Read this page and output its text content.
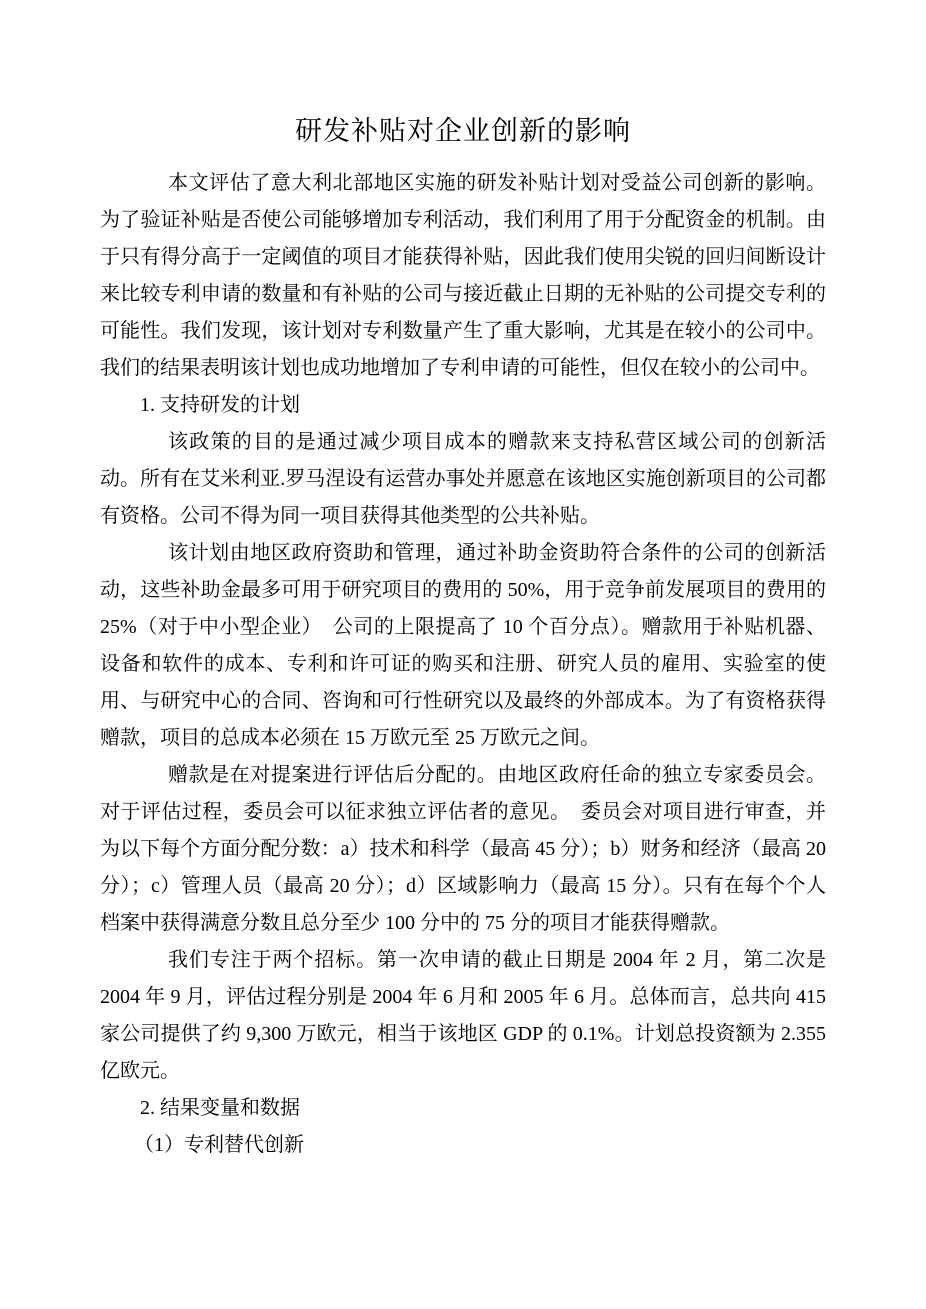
研发补贴对企业创新的影响

本文评估了意大利北部地区实施的研发补贴计划对受益公司创新的影响。为了验证补贴是否使公司能够增加专利活动，我们利用了用于分配资金的机制。由于只有得分高于一定阈值的项目才能获得补贴，因此我们使用尖锐的回归间断设计来比较专利申请的数量和有补贴的公司与接近截止日期的无补贴的公司提交专利的可能性。我们发现，该计划对专利数量产生了重大影响，尤其是在较小的公司中。我们的结果表明该计划也成功地增加了专利申请的可能性，但仅在较小的公司中。

1. 支持研发的计划

该政策的目的是通过减少项目成本的赠款来支持私营区域公司的创新活动。所有在艾米利亚.罗马涅设有运营办事处并愿意在该地区实施创新项目的公司都有资格。公司不得为同一项目获得其他类型的公共补贴。

该计划由地区政府资助和管理，通过补助金资助符合条件的公司的创新活动，这些补助金最多可用于研究项目的费用的 50%，用于竞争前发展项目的费用的 25%（对于中小型企业）　公司的上限提高了 10 个百分点）。赠款用于补贴机器、设备和软件的成本、专利和许可证的购买和注册、研究人员的雇用、实验室的使用、与研究中心的合同、咨询和可行性研究以及最终的外部成本。为了有资格获得赠款，项目的总成本必须在 15 万欧元至 25 万欧元之间。

赠款是在对提案进行评估后分配的。由地区政府任命的独立专家委员会。对于评估过程，委员会可以征求独立评估者的意见。　委员会对项目进行审查，并为以下每个方面分配分数：a）技术和科学（最高 45 分）；b）财务和经济（最高 20 分）；c）管理人员（最高 20 分）；d）区域影响力（最高 15 分）。只有在每个个人档案中获得满意分数且总分至少 100 分中的 75 分的项目才能获得赠款。

我们专注于两个招标。第一次申请的截止日期是 2004 年 2 月，第二次是 2004 年 9 月，评估过程分别是 2004 年 6 月和 2005 年 6 月。总体而言，总共向 415 家公司提供了约 9,300 万欧元，相当于该地区 GDP 的 0.1%。计划总投资额为 2.355 亿欧元。

2. 结果变量和数据

（1）专利替代创新
